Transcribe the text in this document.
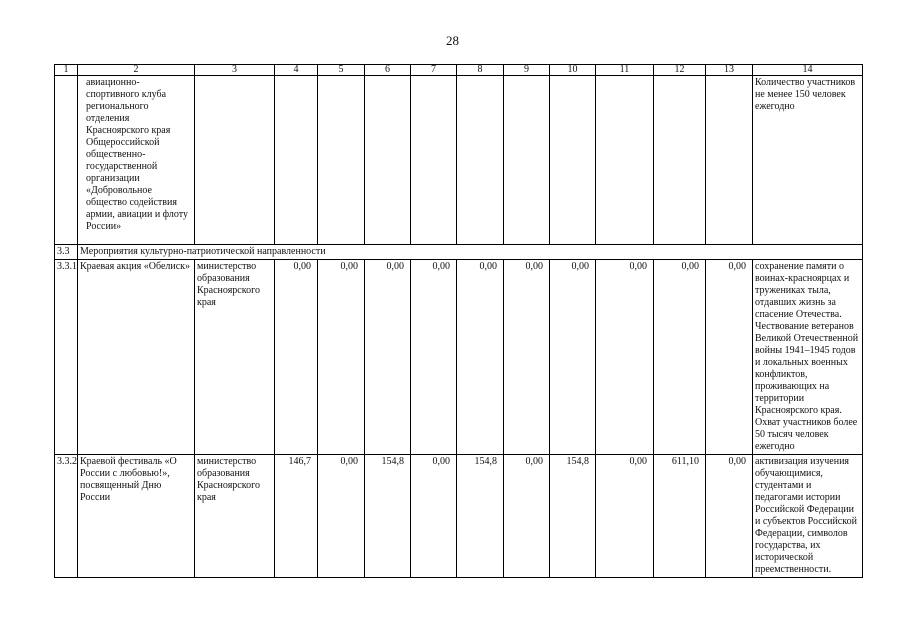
28
1	2	3	4	5	6	7	8	9	10	11	12	13	14
	авиационно-спортивного клуба регионального отделения Красноярского края Общероссийской общественно-государственной организации «Добровольное общество содействия армии, авиации и флоту России»												Количество участников не менее 150 человек ежегодно
3.3	Мероприятия культурно-патриотической направленности												
3.3.1	Краевая акция «Обелиск»	министерство образования Красноярского края	0,00	0,00	0,00	0,00	0,00	0,00	0,00	0,00	0,00	0,00	сохранение памяти о воинах-красноярцах и тружениках тыла, отдавших жизнь за спасение Отечества. Чествование ветеранов Великой Отечественной войны 1941–1945 годов и локальных военных конфликтов, проживающих на территории Красноярского края. Охват участников более 50 тысяч человек ежегодно
3.3.2	Краевой фестиваль «О России с любовью!», посвященный Дню России	министерство образования Красноярского края	146,7	0,00	154,8	0,00	154,8	0,00	154,8	0,00	611,10	0,00	активизация изучения обучающимися, студентами и педагогами истории Российской Федерации и субъектов Российской Федерации, символов государства, их исторической преемственности.
